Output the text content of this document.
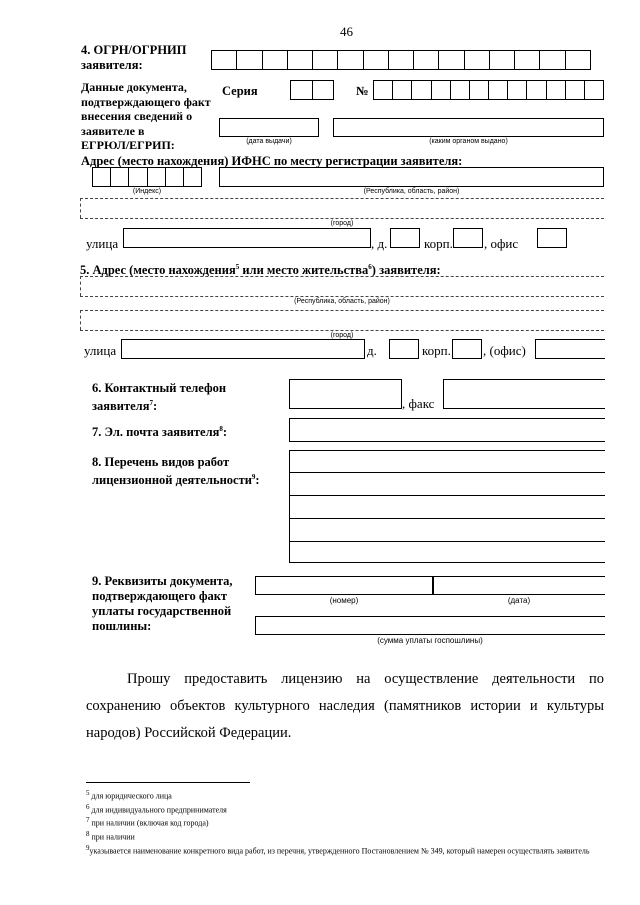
46
4. ОГРН/ОГРНИП
заявителя:
Данные документа,
подтверждающего факт
внесения сведений о
заявителе в
ЕГРЮЛ/ЕГРИП:
Серия	№
(дата выдачи)	(каким органом выдано)
Адрес (место нахождения) ИФНС по месту регистрации заявителя:
(Индекс)	(Республика, область, район)
(город)
улица	, д.	корп. , офис
5. Адрес (место нахождения$^5$ или место жительства$^6$) заявителя:
(Республика, область, район)
(город)
улица	д.	корп. , (офис)
6. Контактный телефон
заявителя$^7$:	, факс
7. Эл. почта заявителя$^8$:
8. Перечень видов работ
лицензионной деятельности$^9$:
9. Реквизиты документа,
подтверждающего факт
уплаты государственной
пошлины:
(номер)	(дата)
(сумма уплаты госпошлины)
Прошу предоставить лицензию на осуществление деятельности по сохранению объектов культурного наследия (памятников истории и культуры народов) Российской Федерации.
$^5$ для юридического лица
$^6$ для индивидуального предпринимателя
$^7$ при наличии (включая код города)
$^8$ при наличии
$^9$указывается наименование конкретного вида работ, из перечня, утвержденного Постановлением № 349, который намерен осуществлять заявитель
